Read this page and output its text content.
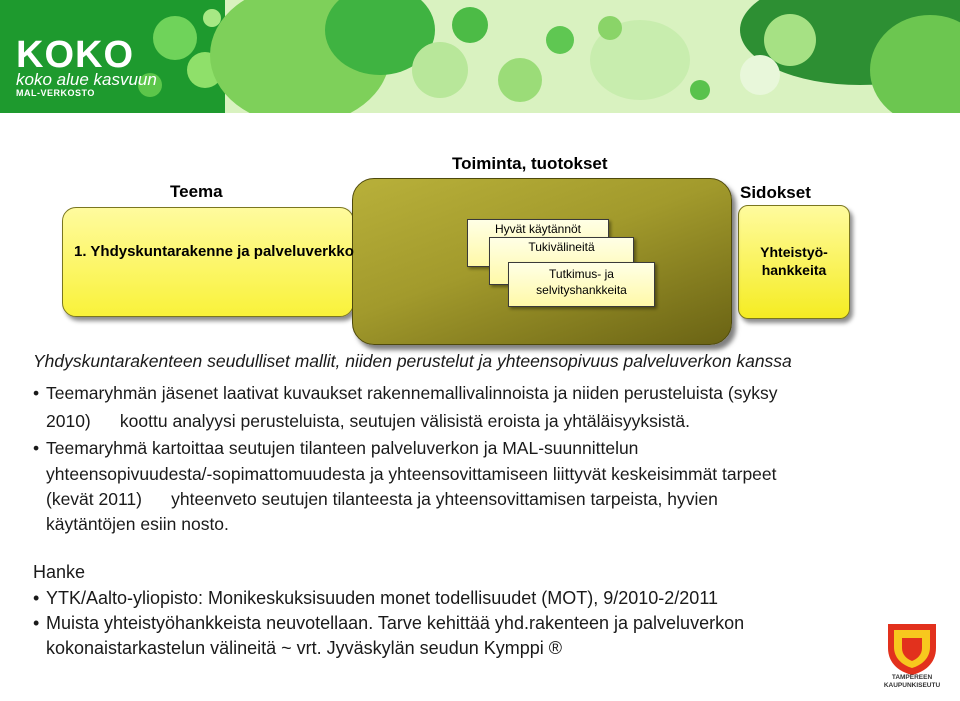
KOKO
koko alue kasvuun
MAL-VERKOSTO
Toiminta, tuotokset
Teema	Sidokset
1. Yhdyskuntarakenne ja palveluverkko	Yhteistyö-
hankkeita
Hyvät käytännöt
Tukivälineitä
Tutkimus- ja selvityshankkeita
Yhdyskuntarakenteen seudulliset mallit, niiden perustelut ja yhteensopivuus palveluverkon kanssa
• Teemaryhmän jäsenet laativat kuvaukset rakennemallivalinnoista ja niiden perusteluista (syksy
2010)      koottu analyysi perusteluista, seutujen välisistä eroista ja yhtäläisyyksistä.
• Teemaryhmä kartoittaa seutujen tilanteen palveluverkon ja MAL-suunnittelun
yhteensopivuudesta/-sopimattomuudesta ja yhteensovittamiseen liittyvät keskeisimmät tarpeet
(kevät 2011)      yhteenveto seutujen tilanteesta ja yhteensovittamisen tarpeista, hyvien
käytäntöjen esiin nosto.
Hanke
• YTK/Aalto-yliopisto: Monikeskuksisuuden monet todellisuudet (MOT), 9/2010-2/2011
• Muista yhteistyöhankkeista neuvotellaan. Tarve kehittää yhd.rakenteen ja palveluverkon
kokonaistarkastelun välineitä ~ vrt. Jyväskylän seudun Kymppi ®
TAMPEREEN
KAUPUNKISEUTU
